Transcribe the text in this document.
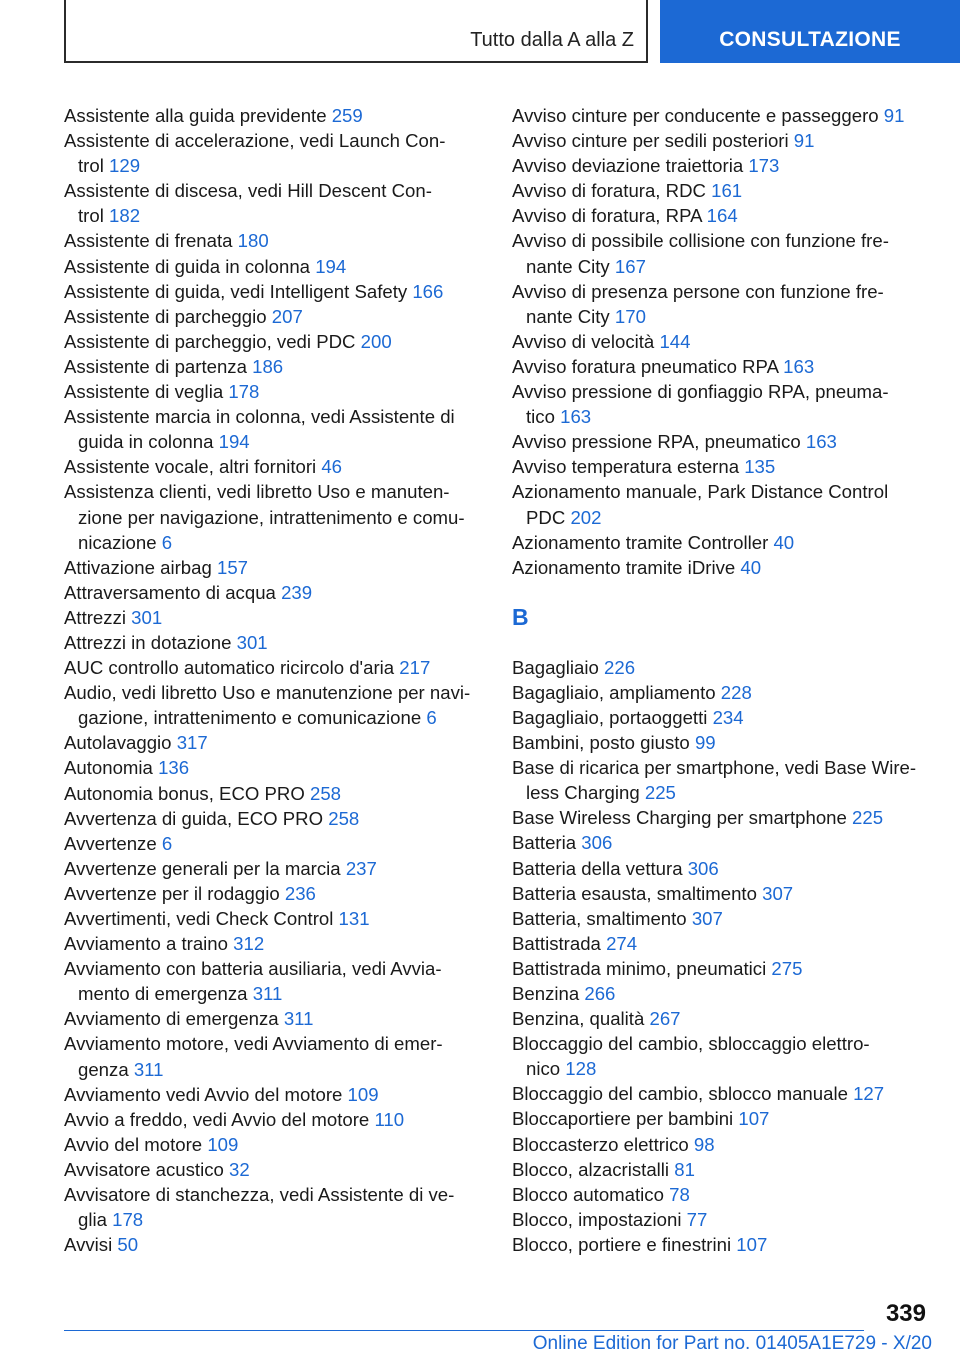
Tutto dalla A alla Z	CONSULTAZIONE
Assistente alla guida previdente 259
Assistente di accelerazione, vedi Launch Con-
trol 129
Assistente di discesa, vedi Hill Descent Con-
trol 182
Assistente di frenata 180
Assistente di guida in colonna 194
Assistente di guida, vedi Intelligent Safety 166
Assistente di parcheggio 207
Assistente di parcheggio, vedi PDC 200
Assistente di partenza 186
Assistente di veglia 178
Assistente marcia in colonna, vedi Assistente di
guida in colonna 194
Assistente vocale, altri fornitori 46
Assistenza clienti, vedi libretto Uso e manuten-
zione per navigazione, intrattenimento e comu-
nicazione 6
Attivazione airbag 157
Attraversamento di acqua 239
Attrezzi 301
Attrezzi in dotazione 301
AUC controllo automatico ricircolo d'aria 217
Audio, vedi libretto Uso e manutenzione per navi-
gazione, intrattenimento e comunicazione 6
Autolavaggio 317
Autonomia 136
Autonomia bonus, ECO PRO 258
Avvertenza di guida, ECO PRO 258
Avvertenze 6
Avvertenze generali per la marcia 237
Avvertenze per il rodaggio 236
Avvertimenti, vedi Check Control 131
Avviamento a traino 312
Avviamento con batteria ausiliaria, vedi Avvia-
mento di emergenza 311
Avviamento di emergenza 311
Avviamento motore, vedi Avviamento di emer-
genza 311
Avviamento vedi Avvio del motore 109
Avvio a freddo, vedi Avvio del motore 110
Avvio del motore 109
Avvisatore acustico 32
Avvisatore di stanchezza, vedi Assistente di ve-
glia 178
Avvisi 50
Avviso cinture per conducente e passeggero 91
Avviso cinture per sedili posteriori 91
Avviso deviazione traiettoria 173
Avviso di foratura, RDC 161
Avviso di foratura, RPA 164
Avviso di possibile collisione con funzione fre-
nante City 167
Avviso di presenza persone con funzione fre-
nante City 170
Avviso di velocità 144
Avviso foratura pneumatico RPA 163
Avviso pressione di gonfiaggio RPA, pneuma-
tico 163
Avviso pressione RPA, pneumatico 163
Avviso temperatura esterna 135
Azionamento manuale, Park Distance Control
PDC 202
Azionamento tramite Controller 40
Azionamento tramite iDrive 40
B
Bagagliaio 226
Bagagliaio, ampliamento 228
Bagagliaio, portaoggetti 234
Bambini, posto giusto 99
Base di ricarica per smartphone, vedi Base Wire-
less Charging 225
Base Wireless Charging per smartphone 225
Batteria 306
Batteria della vettura 306
Batteria esausta, smaltimento 307
Batteria, smaltimento 307
Battistrada 274
Battistrada minimo, pneumatici 275
Benzina 266
Benzina, qualità 267
Bloccaggio del cambio, sbloccaggio elettro-
nico 128
Bloccaggio del cambio, sblocco manuale 127
Bloccaportiere per bambini 107
Bloccasterzo elettrico 98
Blocco, alzacristalli 81
Blocco automatico 78
Blocco, impostazioni 77
Blocco, portiere e finestrini 107
339
Online Edition for Part no. 01405A1E729 - X/20
